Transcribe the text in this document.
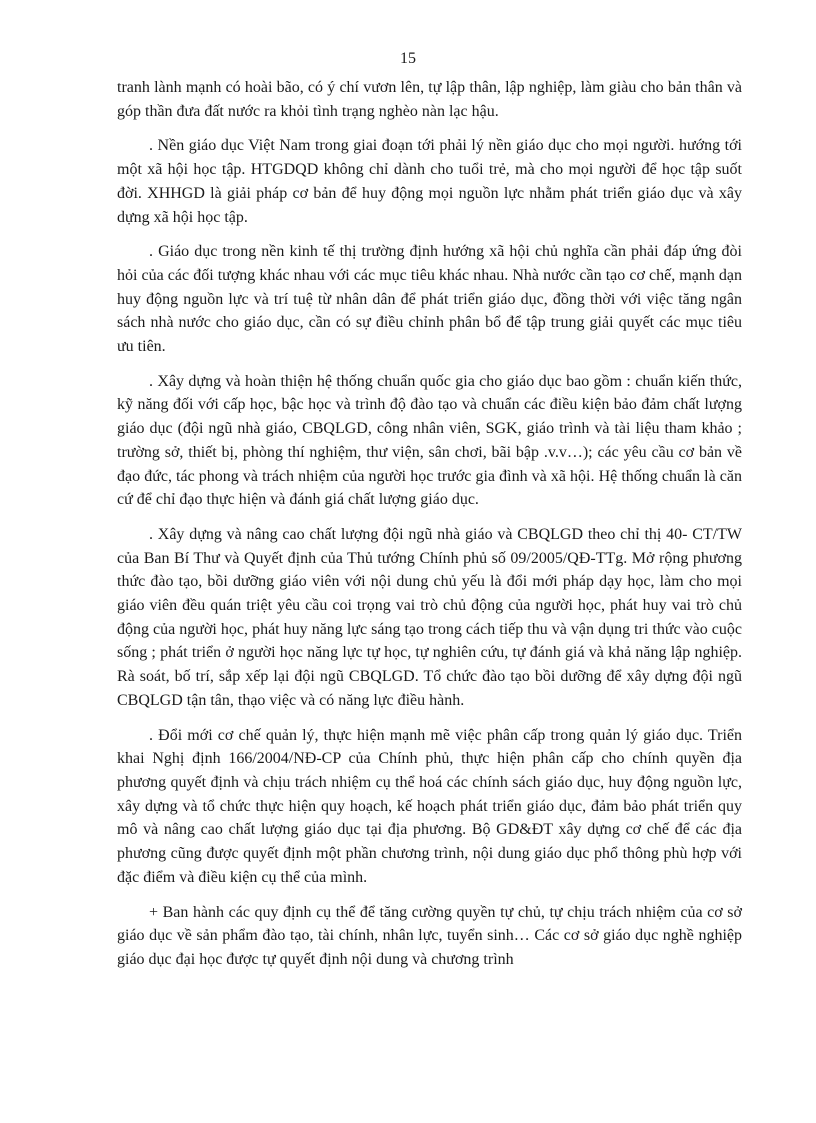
15

tranh lành mạnh có hoài bão, có ý chí vươn lên, tự lập thân, lập nghiệp, làm giàu cho bản thân và góp thần đưa đất nước ra khỏi tình trạng nghèo nàn lạc hậu.

. Nền giáo dục Việt Nam trong giai đoạn tới phải lý nền giáo dục cho mọi người. hướng tới một xã hội học tập. HTGDQD không chỉ dành cho tuổi trẻ, mà cho mọi người để học tập suốt đời. XHHGD là giải pháp cơ bản để huy động mọi nguồn lực nhằm phát triển giáo dục và xây dựng xã hội học tập.

. Giáo dục trong nền kinh tế thị trường định hướng xã hội chủ nghĩa cần phải đáp ứng đòi hỏi của các đối tượng khác nhau với các mục tiêu khác nhau. Nhà nước cần tạo cơ chế, mạnh dạn huy động nguồn lực và trí tuệ từ nhân dân để phát triển giáo dục, đồng thời với việc tăng ngân sách nhà nước cho giáo dục, cần có sự điều chỉnh phân bổ để tập trung giải quyết các mục tiêu ưu tiên.

. Xây dựng và hoàn thiện hệ thống chuẩn quốc gia cho giáo dục bao gồm : chuẩn kiến thức, kỹ năng đối với cấp học, bậc học và trình độ đào tạo và chuẩn các điều kiện bảo đảm chất lượng giáo dục (đội ngũ nhà giáo, CBQLGD, công nhân viên, SGK, giáo trình và tài liệu tham khảo ; trường sở, thiết bị, phòng thí nghiệm, thư viện, sân chơi, bãi bập .v.v…); các yêu cầu cơ bản về đạo đức, tác phong và trách nhiệm của người học trước gia đình và xã hội. Hệ thống chuẩn là căn cứ để chỉ đạo thực hiện và đánh giá chất lượng giáo dục.

. Xây dựng và nâng cao chất lượng đội ngũ nhà giáo và CBQLGD theo chỉ thị 40- CT/TW của Ban Bí Thư và Quyết định của Thủ tướng Chính phủ số 09/2005/QĐ-TTg. Mở rộng phương thức đào tạo, bồi dưỡng giáo viên với nội dung chủ yếu là đổi mới pháp dạy học, làm cho mọi giáo viên đều quán triệt yêu cầu coi trọng vai trò chủ động của người học, phát huy vai trò chủ động của người học, phát huy năng lực sáng tạo trong cách tiếp thu và vận dụng tri thức vào cuộc sống ; phát triển ở người học năng lực tự học, tự nghiên cứu, tự đánh giá và khả năng lập nghiệp. Rà soát, bố trí, sắp xếp lại đội ngũ CBQLGD. Tổ chức đào tạo bồi dưỡng để xây dựng đội ngũ CBQLGD tận tân, thạo việc và có năng lực điều hành.

. Đổi mới cơ chế quản lý, thực hiện mạnh mẽ việc phân cấp trong quản lý giáo dục. Triển khai Nghị định 166/2004/NĐ-CP của Chính phủ, thực hiện phân cấp cho chính quyền địa phương quyết định và chịu trách nhiệm cụ thể hoá các chính sách giáo dục, huy động nguồn lực, xây dựng và tổ chức thực hiện quy hoạch, kế hoạch phát triển giáo dục, đảm bảo phát triển quy mô và nâng cao chất lượng giáo dục tại địa phương. Bộ GD&ĐT xây dựng cơ chế để các địa phương cũng được quyết định một phần chương trình, nội dung giáo dục phổ thông phù hợp với đặc điểm và điều kiện cụ thể của mình.

+ Ban hành các quy định cụ thể để tăng cường quyền tự chủ, tự chịu trách nhiệm của cơ sở giáo dục về sản phẩm đào tạo, tài chính, nhân lực, tuyển sinh… Các cơ sở giáo dục nghề nghiệp giáo dục đại học được tự quyết định nội dung và chương trình
